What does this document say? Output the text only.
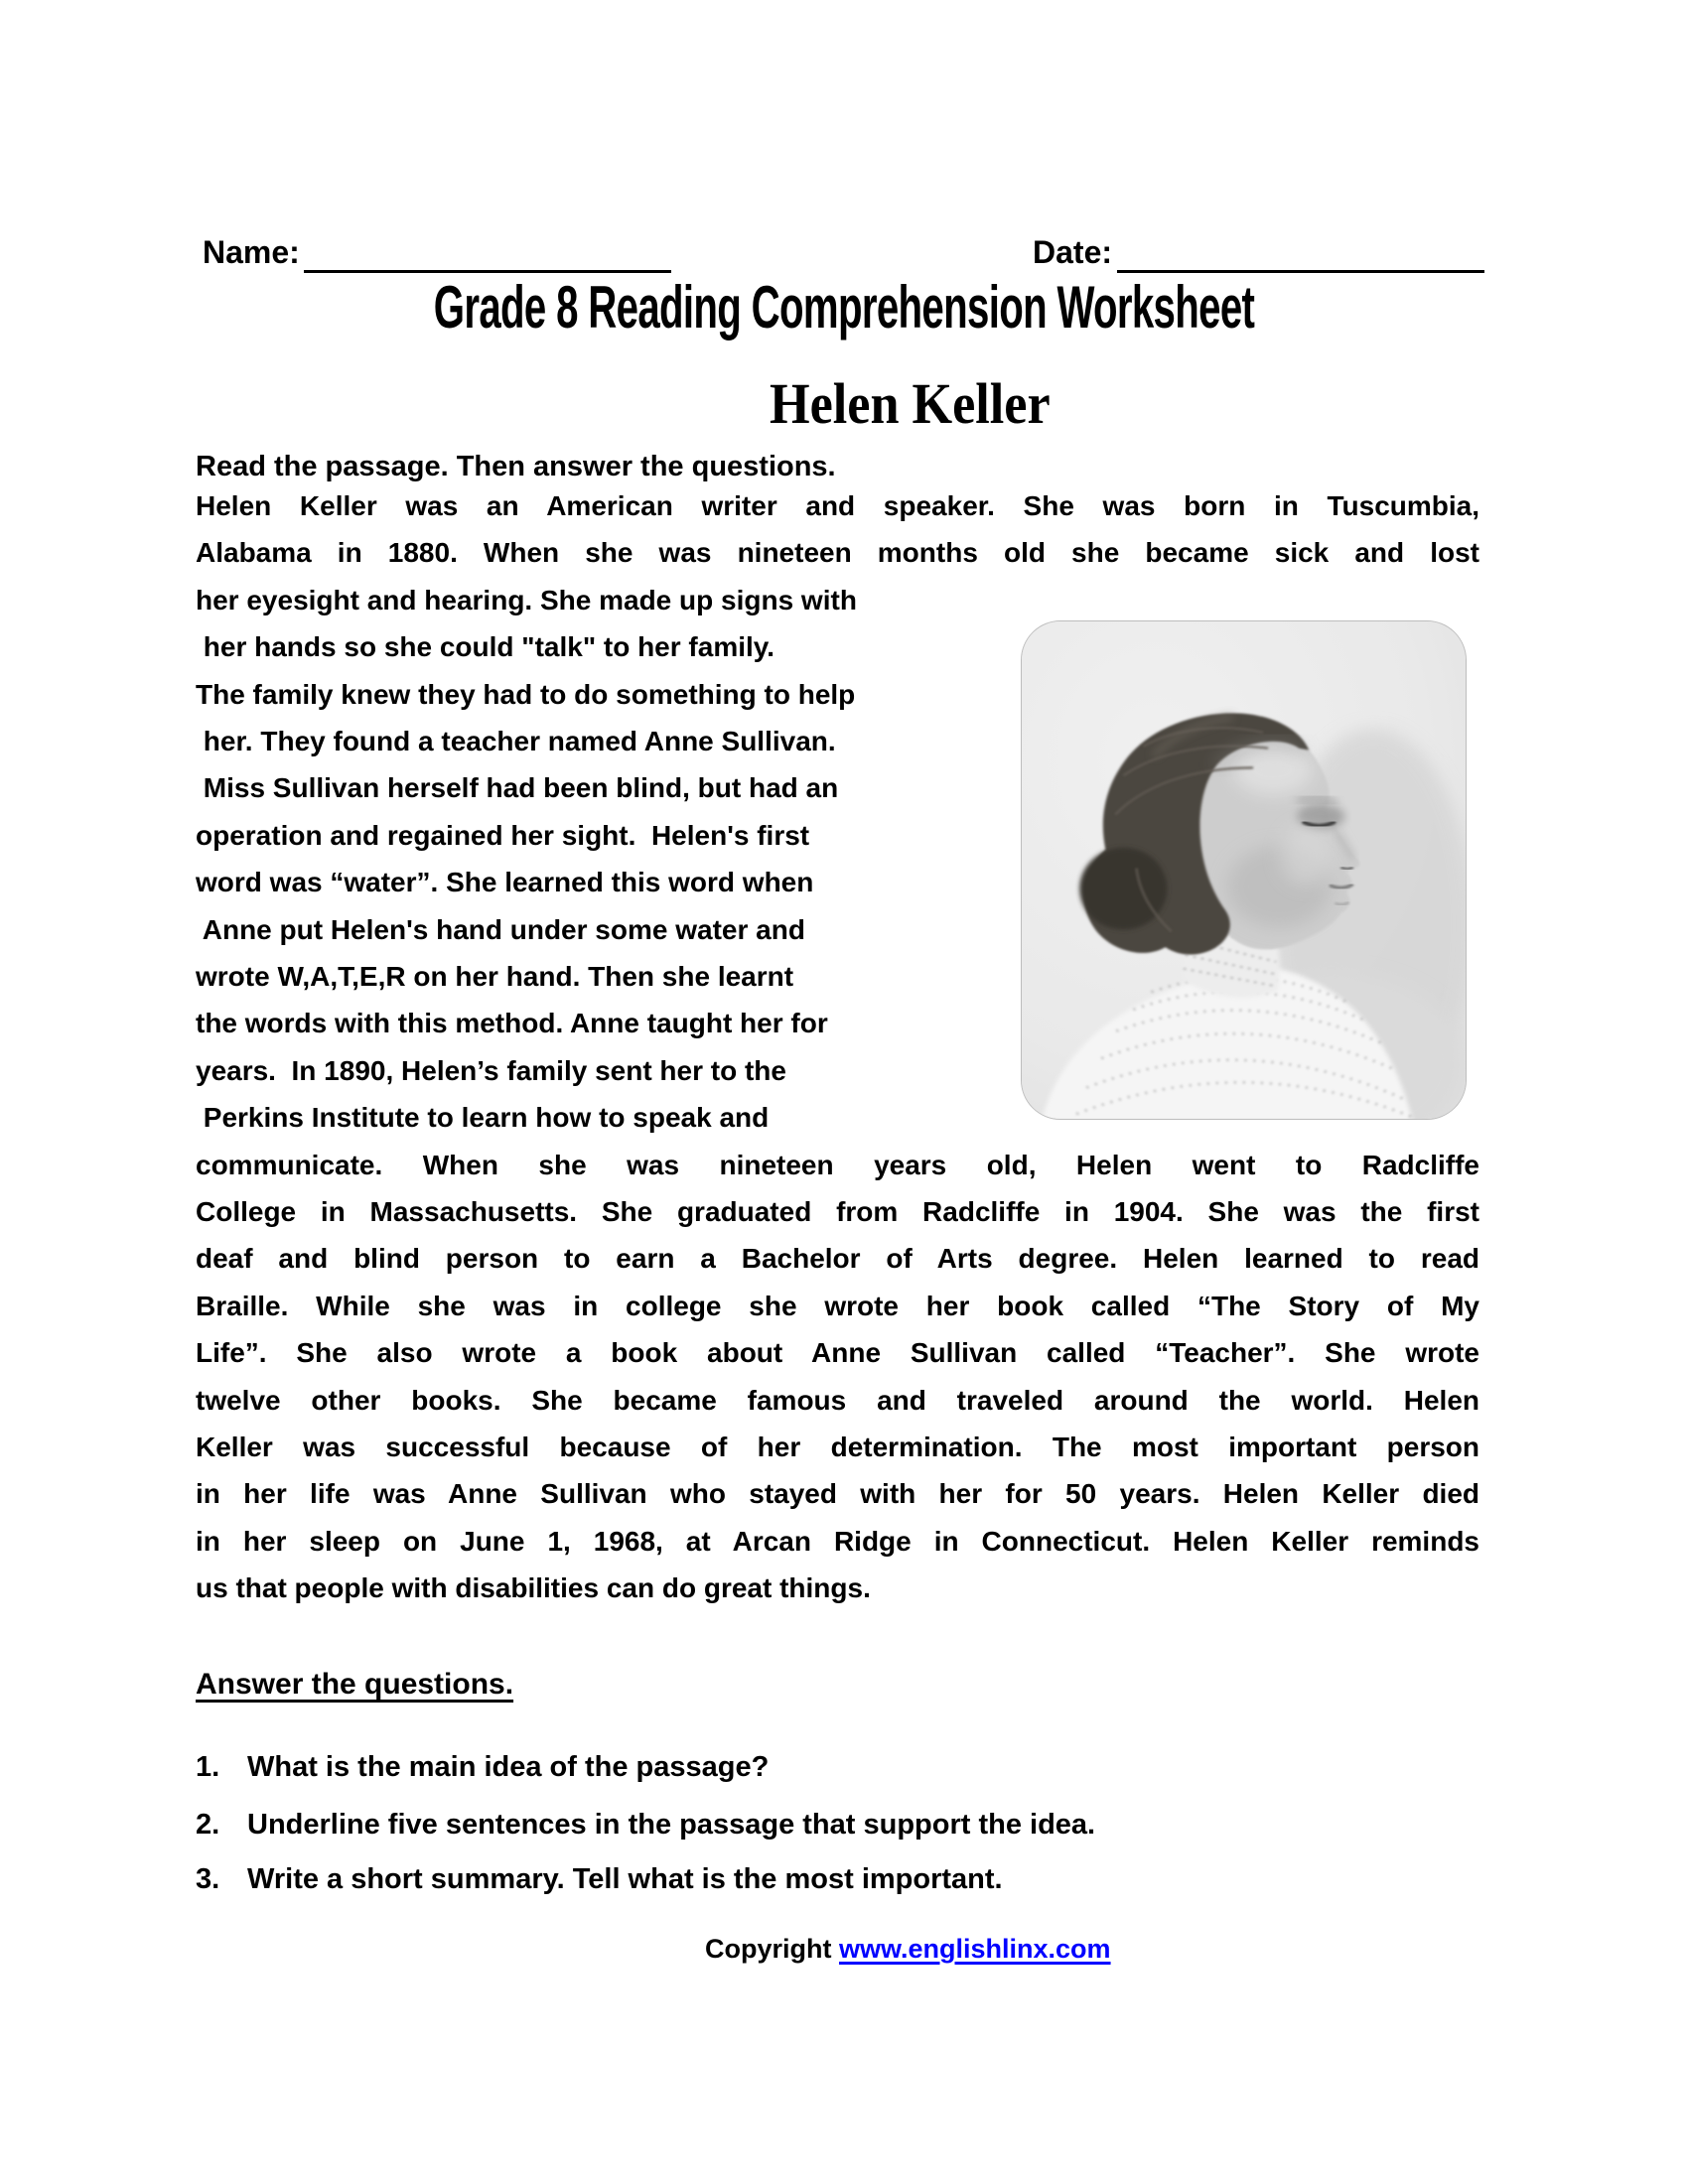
Name:	Date:
Grade 8 Reading Comprehension Worksheet
Helen Keller
Read the passage. Then answer the questions.
Helen Keller was an American writer and speaker. She was born in Tuscumbia,
Alabama in 1880. When she was nineteen months old she became sick and lost
her eyesight and hearing. She made up signs with
her hands so she could "talk" to her family.
The family knew they had to do something to help
her. They found a teacher named Anne Sullivan.
Miss Sullivan herself had been blind, but had an
operation and regained her sight.  Helen's first
word was “water”. She learned this word when
Anne put Helen's hand under some water and
wrote W,A,T,E,R on her hand. Then she learnt
the words with this method. Anne taught her for
years.  In 1890, Helen’s family sent her to the
Perkins Institute to learn how to speak and
communicate. When she was nineteen years old, Helen went to Radcliffe
College in Massachusetts. She graduated from Radcliffe in 1904. She was the first
deaf and blind person to earn a Bachelor of Arts degree. Helen learned to read
Braille. While she was in college she wrote her book called “The Story of My
Life”. She also wrote a book about Anne Sullivan called “Teacher”. She wrote
twelve other books. She became famous and traveled around the world. Helen
Keller was successful because of her determination. The most important person
in her life was Anne Sullivan who stayed with her for 50 years. Helen Keller died
in her sleep on June 1, 1968, at Arcan Ridge in Connecticut. Helen Keller reminds
us that people with disabilities can do great things.
Answer the questions.
1. What is the main idea of the passage?
2. Underline five sentences in the passage that support the idea.
3. Write a short summary. Tell what is the most important.
Copyright www.englishlinx.com
